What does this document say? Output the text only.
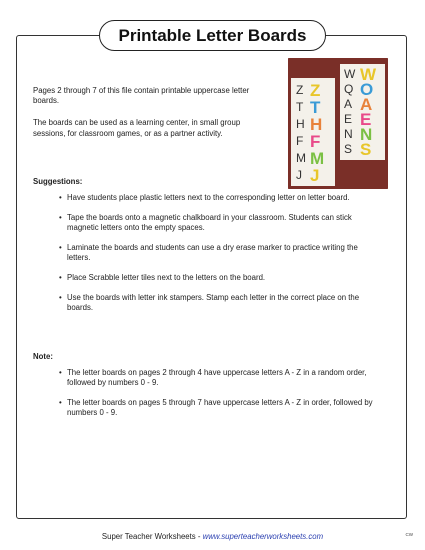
Printable Letter Boards

Pages 2 through 7 of this file contain printable uppercase letter boards.

The boards can be used as a learning center, in small group sessions, for classroom games, or as a partner activity.

Z
T
H
F
M
J
Z
T
H
F
M
J
W
Q
A
E
N
S
W
O
A
E
N
S
Suggestions:
• Have students place plastic letters next to the corresponding letter on letter board.
• Tape the boards onto a magnetic chalkboard in your classroom. Students can stick magnetic letters onto the empty spaces.
• Laminate the boards and students can use a dry erase marker to practice writing the letters.
• Place Scrabble letter tiles next to the letters on the board.
• Use the boards with letter ink stampers. Stamp each letter in the correct place on the boards.
Note:
• The letter boards on pages 2 through 4 have uppercase letters A - Z in a random order, followed by numbers 0 - 9.
• The letter boards on pages 5 through 7 have uppercase letters A - Z in order, followed by numbers 0 - 9.
Super Teacher Worksheets - www.superteacherworksheets.com	CW
